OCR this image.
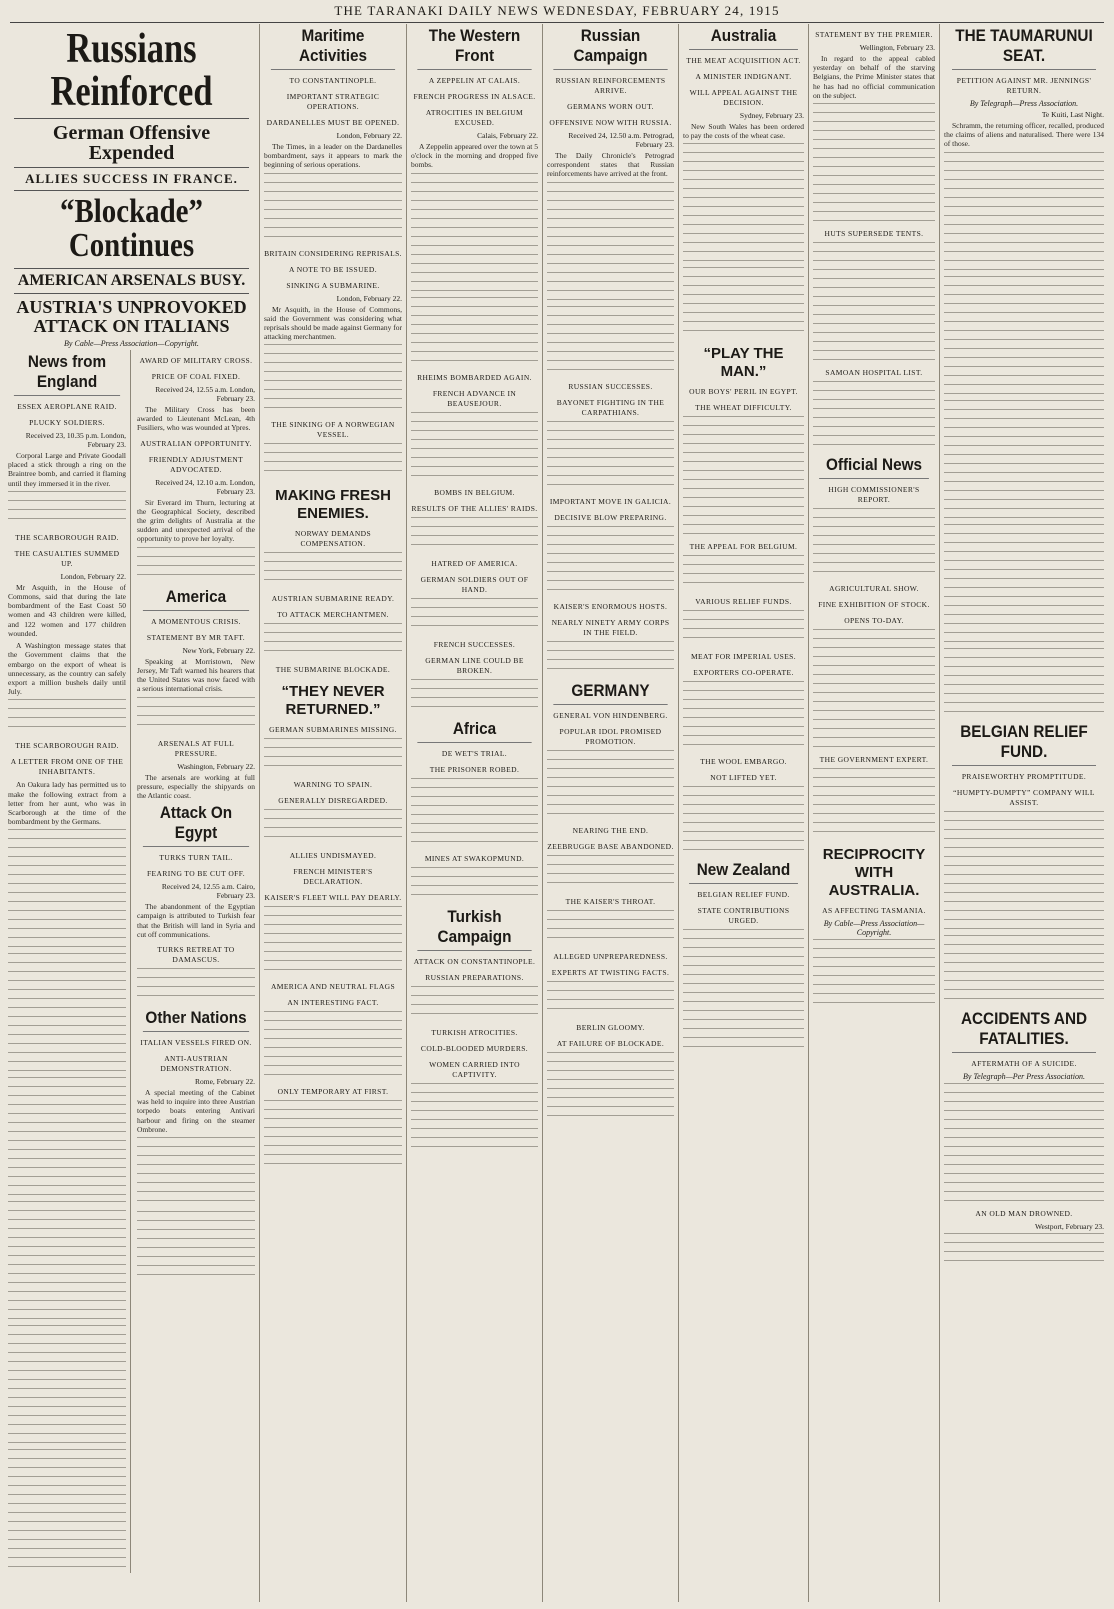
THE TARANAKI DAILY NEWS WEDNESDAY, FEBRUARY 24, 1915
Russians Reinforced
German Offensive Expended
ALLIES SUCCESS IN FRANCE.
“Blockade” Continues
AMERICAN ARSENALS BUSY.
AUSTRIA'S UNPROVOKED ATTACK ON ITALIANS
By Cable—Press Association—Copyright.
News from England
ESSEX AEROPLANE RAID.
PLUCKY SOLDIERS.
Received 23, 10.35 p.m. London, February 23.
Corporal Large and Private Goodall placed a stick through a ring on the Braintree bomb, and carried it flaming until they immersed it in the river.
THE SCARBOROUGH RAID.
THE CASUALTIES SUMMED UP.
London, February 22.
Mr Asquith, in the House of Commons, said that during the late bombardment of the East Coast 50 women and 43 children were killed, and 122 women and 177 children wounded.
A Washington message states that the Government claims that the embargo on the export of wheat is unnecessary, as the country can safely export a million bushels daily until July.
THE SCARBOROUGH RAID.
A LETTER FROM ONE OF THE INHABITANTS.
An Oakura lady has permitted us to make the following extract from a letter from her aunt, who was in Scarborough at the time of the bombardment by the Germans.
AWARD OF MILITARY CROSS.
PRICE OF COAL FIXED.
Received 24, 12.55 a.m. London, February 23.
The Military Cross has been awarded to Lieutenant McLean, 4th Fusiliers, who was wounded at Ypres.
AUSTRALIAN OPPORTUNITY.
FRIENDLY ADJUSTMENT ADVOCATED.
Received 24, 12.10 a.m. London, February 23.
Sir Everard im Thurn, lecturing at the Geographical Society, described the grim delights of Australia at the sudden and unexpected arrival of the opportunity to prove her loyalty.
America
A MOMENTOUS CRISIS.
STATEMENT BY MR TAFT.
New York, February 22.
Speaking at Morristown, New Jersey, Mr Taft warned his hearers that the United States was now faced with a serious international crisis.
ARSENALS AT FULL PRESSURE.
Washington, February 22.
The arsenals are working at full pressure, especially the shipyards on the Atlantic coast.
Attack On Egypt
TURKS TURN TAIL.
FEARING TO BE CUT OFF.
Received 24, 12.55 a.m. Cairo, February 23.
The abandonment of the Egyptian campaign is attributed to Turkish fear that the British will land in Syria and cut off communications.
TURKS RETREAT TO DAMASCUS.
Other Nations
ITALIAN VESSELS FIRED ON.
ANTI-AUSTRIAN DEMONSTRATION.
Rome, February 22.
A special meeting of the Cabinet was held to inquire into three Austrian torpedo boats entering Antivari harbour and firing on the steamer Ombrone.
Maritime Activities
TO CONSTANTINOPLE.
IMPORTANT STRATEGIC OPERATIONS.
DARDANELLES MUST BE OPENED.
London, February 22.
The Times, in a leader on the Dardanelles bombardment, says it appears to mark the beginning of serious operations.
BRITAIN CONSIDERING REPRISALS.
A NOTE TO BE ISSUED.
SINKING A SUBMARINE.
London, February 22.
Mr Asquith, in the House of Commons, said the Government was considering what reprisals should be made against Germany for attacking merchantmen.
THE SINKING OF A NORWEGIAN VESSEL.
MAKING FRESH ENEMIES.
NORWAY DEMANDS COMPENSATION.
AUSTRIAN SUBMARINE READY.
TO ATTACK MERCHANTMEN.
THE SUBMARINE BLOCKADE.
“THEY NEVER RETURNED.”
GERMAN SUBMARINES MISSING.
WARNING TO SPAIN.
GENERALLY DISREGARDED.
ALLIES UNDISMAYED.
FRENCH MINISTER'S DECLARATION.
KAISER'S FLEET WILL PAY DEARLY.
AMERICA AND NEUTRAL FLAGS
AN INTERESTING FACT.
ONLY TEMPORARY AT FIRST.
The Western Front
A ZEPPELIN AT CALAIS.
FRENCH PROGRESS IN ALSACE.
ATROCITIES IN BELGIUM EXCUSED.
Calais, February 22.
A Zeppelin appeared over the town at 5 o'clock in the morning and dropped five bombs.
RHEIMS BOMBARDED AGAIN.
FRENCH ADVANCE IN BEAUSEJOUR.
BOMBS IN BELGIUM.
RESULTS OF THE ALLIES' RAIDS.
HATRED OF AMERICA.
GERMAN SOLDIERS OUT OF HAND.
FRENCH SUCCESSES.
GERMAN LINE COULD BE BROKEN.
Africa
DE WET'S TRIAL.
THE PRISONER ROBED.
MINES AT SWAKOPMUND.
Turkish Campaign
ATTACK ON CONSTANTINOPLE.
RUSSIAN PREPARATIONS.
TURKISH ATROCITIES.
COLD-BLOODED MURDERS.
WOMEN CARRIED INTO CAPTIVITY.
Russian Campaign
RUSSIAN REINFORCEMENTS ARRIVE.
GERMANS WORN OUT.
OFFENSIVE NOW WITH RUSSIA.
Received 24, 12.50 a.m. Petrograd, February 23.
The Daily Chronicle's Petrograd correspondent states that Russian reinforcements have arrived at the front.
RUSSIAN SUCCESSES.
BAYONET FIGHTING IN THE CARPATHIANS.
IMPORTANT MOVE IN GALICIA.
DECISIVE BLOW PREPARING.
KAISER'S ENORMOUS HOSTS.
NEARLY NINETY ARMY CORPS IN THE FIELD.
GERMANY
GENERAL VON HINDENBERG.
POPULAR IDOL PROMISED PROMOTION.
NEARING THE END.
ZEEBRUGGE BASE ABANDONED.
THE KAISER'S THROAT.
ALLEGED UNPREPAREDNESS.
EXPERTS AT TWISTING FACTS.
BERLIN GLOOMY.
AT FAILURE OF BLOCKADE.
Australia
THE MEAT ACQUISITION ACT.
A MINISTER INDIGNANT.
WILL APPEAL AGAINST THE DECISION.
Sydney, February 23.
New South Wales has been ordered to pay the costs of the wheat case.
“PLAY THE MAN.”
OUR BOYS' PERIL IN EGYPT.
THE WHEAT DIFFICULTY.
THE APPEAL FOR BELGIUM.
VARIOUS RELIEF FUNDS.
MEAT FOR IMPERIAL USES.
EXPORTERS CO-OPERATE.
THE WOOL EMBARGO.
NOT LIFTED YET.
New Zealand
BELGIAN RELIEF FUND.
STATE CONTRIBUTIONS URGED.
STATEMENT BY THE PREMIER.
Wellington, February 23.
In regard to the appeal cabled yesterday on behalf of the starving Belgians, the Prime Minister states that he has had no official communication on the subject.
HUTS SUPERSEDE TENTS.
SAMOAN HOSPITAL LIST.
Official News
HIGH COMMISSIONER'S REPORT.
AGRICULTURAL SHOW.
FINE EXHIBITION OF STOCK.
OPENS TO-DAY.
THE GOVERNMENT EXPERT.
RECIPROCITY WITH AUSTRALIA.
AS AFFECTING TASMANIA.
By Cable—Press Association—Copyright.
THE TAUMARUNUI SEAT.
PETITION AGAINST MR. JENNINGS' RETURN.
By Telegraph—Press Association.
Te Kuiti, Last Night.
Schramm, the returning officer, recalled, produced the claims of aliens and naturalised. There were 134 of those.
BELGIAN RELIEF FUND.
PRAISEWORTHY PROMPTITUDE.
“HUMPTY-DUMPTY” COMPANY WILL ASSIST.
ACCIDENTS AND FATALITIES.
AFTERMATH OF A SUICIDE.
By Telegraph—Per Press Association.
AN OLD MAN DROWNED.
Westport, February 23.
